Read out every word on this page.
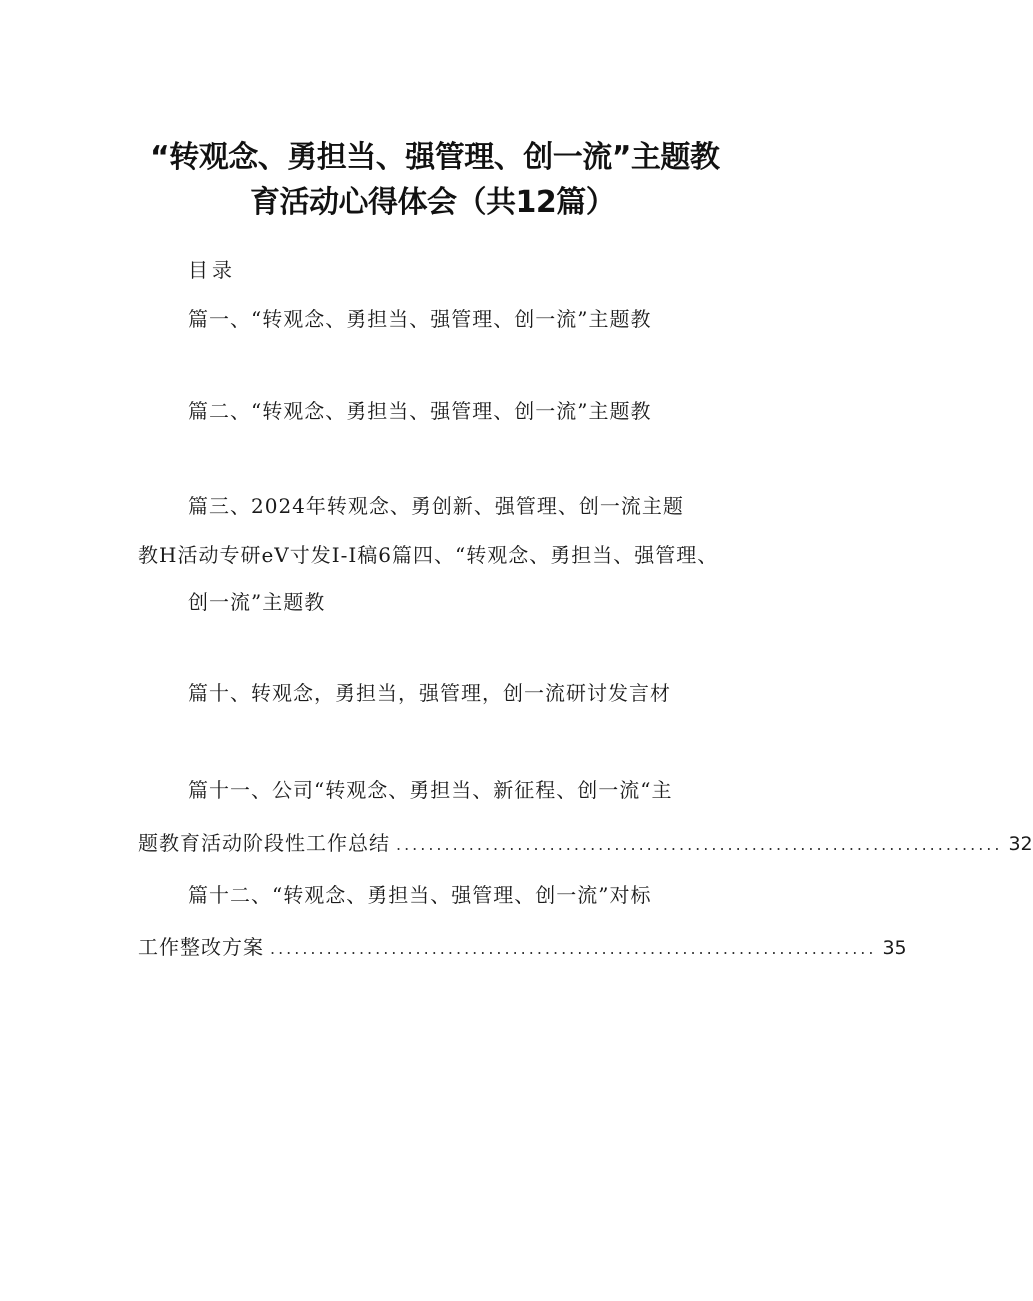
“转观念、勇担当、强管理、创一流”主题教
育活动心得体会（共12篇）
目录
篇一、“转观念、勇担当、强管理、创一流”主题教
篇二、“转观念、勇担当、强管理、创一流”主题教
篇三、2024年转观念、勇创新、强管理、创一流主题
教H活动专研eV寸发I-I稿6篇四、“转观念、勇担当、强管理、
创一流”主题教
篇十、转观念，勇担当，强管理，创一流研讨发言材
篇十一、公司“转观念、勇担当、新征程、创一流“主
题教育活动阶段性工作总结 ........................................................................... 32
篇十二、“转观念、勇担当、强管理、创一流”对标
工作整改方案 ........................................................................... 35
